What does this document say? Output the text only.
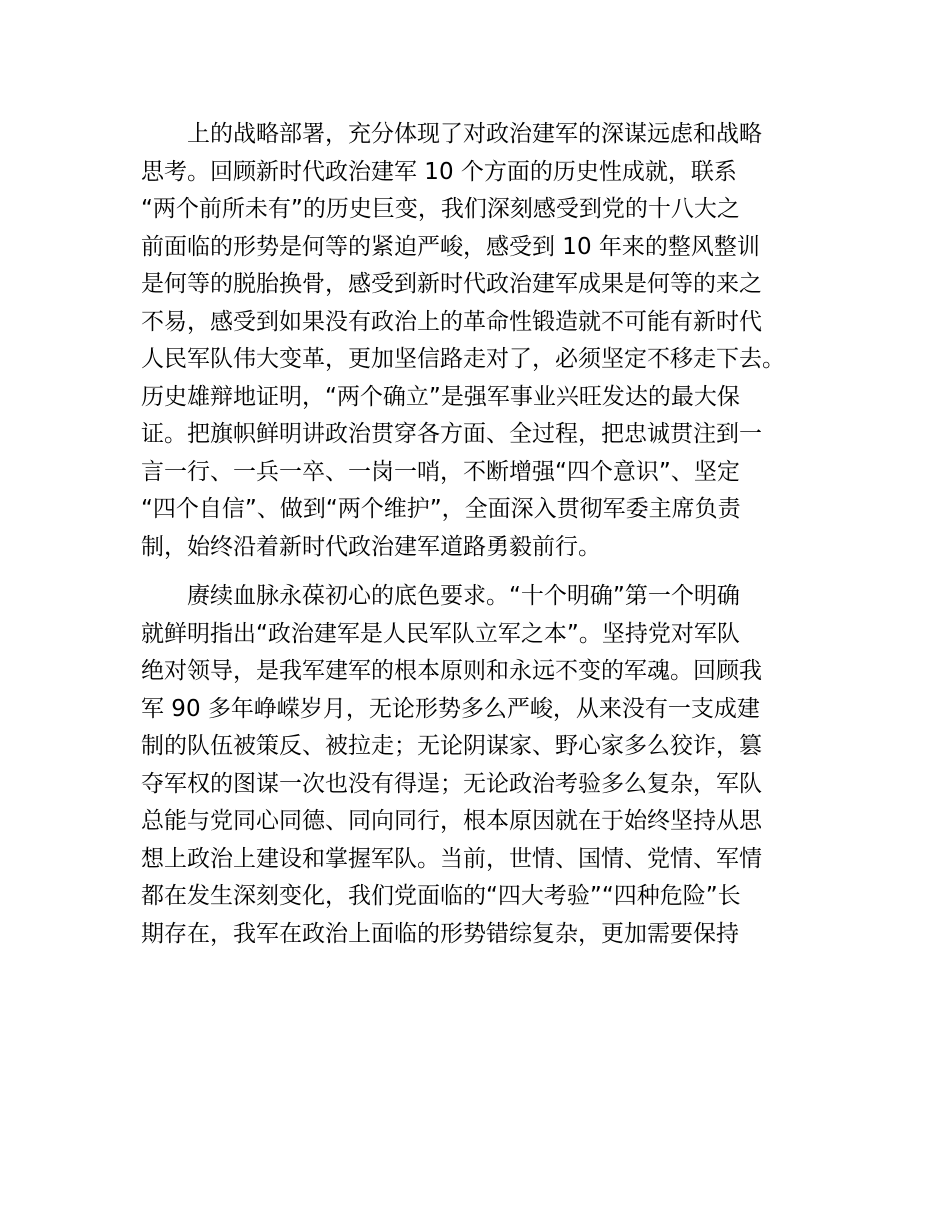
上的战略部署，充分体现了对政治建军的深谋远虑和战略
思考。回顾新时代政治建军 10 个方面的历史性成就，联系
“两个前所未有”的历史巨变，我们深刻感受到党的十八大之
前面临的形势是何等的紧迫严峻，感受到 10 年来的整风整训
是何等的脱胎换骨，感受到新时代政治建军成果是何等的来之
不易，感受到如果没有政治上的革命性锻造就不可能有新时代
人民军队伟大变革，更加坚信路走对了，必须坚定不移走下去。
历史雄辩地证明，“两个确立”是强军事业兴旺发达的最大保
证。把旗帜鲜明讲政治贯穿各方面、全过程，把忠诚贯注到一
言一行、一兵一卒、一岗一哨，不断增强“四个意识”、坚定
“四个自信”、做到“两个维护”，全面深入贯彻军委主席负责
制，始终沿着新时代政治建军道路勇毅前行。
赓续血脉永葆初心的底色要求。“十个明确”第一个明确
就鲜明指出“政治建军是人民军队立军之本”。坚持党对军队
绝对领导，是我军建军的根本原则和永远不变的军魂。回顾我
军 90 多年峥嵘岁月，无论形势多么严峻，从来没有一支成建
制的队伍被策反、被拉走；无论阴谋家、野心家多么狡诈，篡
夺军权的图谋一次也没有得逞；无论政治考验多么复杂，军队
总能与党同心同德、同向同行，根本原因就在于始终坚持从思
想上政治上建设和掌握军队。当前，世情、国情、党情、军情
都在发生深刻变化，我们党面临的“四大考验”“四种危险”长
期存在，我军在政治上面临的形势错综复杂，更加需要保持
